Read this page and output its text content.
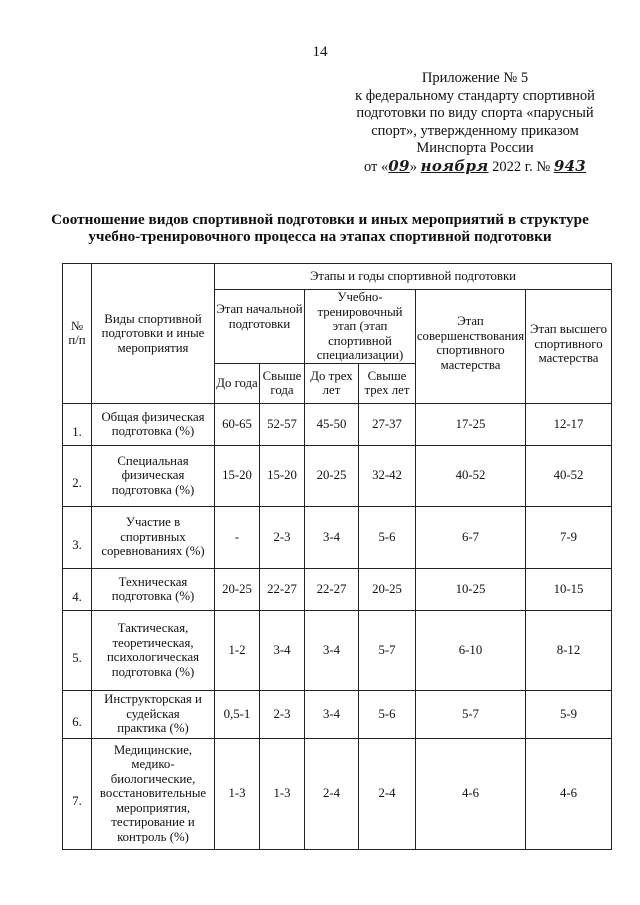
14
Приложение № 5
к федеральному стандарту спортивной
подготовки по виду спорта «парусный
спорт», утвержденному приказом
Минспорта России
от «09» ноября 2022 г. № 943
Соотношение видов спортивной подготовки и иных мероприятий в структуре
учебно-тренировочного процесса на этапах спортивной подготовки
№ п/п	Виды спортивной подготовки и иные мероприятия	Этапы и годы спортивной подготовки					
		Этап начальной подготовки		Учебно-тренировочный этап (этап спортивной специализации)		Этап совершенствования спортивного мастерства	Этап высшего спортивного мастерства
		До года	Свыше года	До трех лет	Свыше трех лет		
1.	Общая физическая подготовка (%)	60-65	52-57	45-50	27-37	17-25	12-17
2.	Специальная физическая подготовка (%)	15-20	15-20	20-25	32-42	40-52	40-52
3.	Участие в спортивных соревнованиях (%)	-	2-3	3-4	5-6	6-7	7-9
4.	Техническая подготовка (%)	20-25	22-27	22-27	20-25	10-25	10-15
5.	Тактическая, теоретическая, психологическая подготовка (%)	1-2	3-4	3-4	5-7	6-10	8-12
6.	Инструкторская и судейская практика (%)	0,5-1	2-3	3-4	5-6	5-7	5-9
7.	Медицинские, медико-биологические, восстановительные мероприятия, тестирование и контроль (%)	1-3	1-3	2-4	2-4	4-6	4-6
